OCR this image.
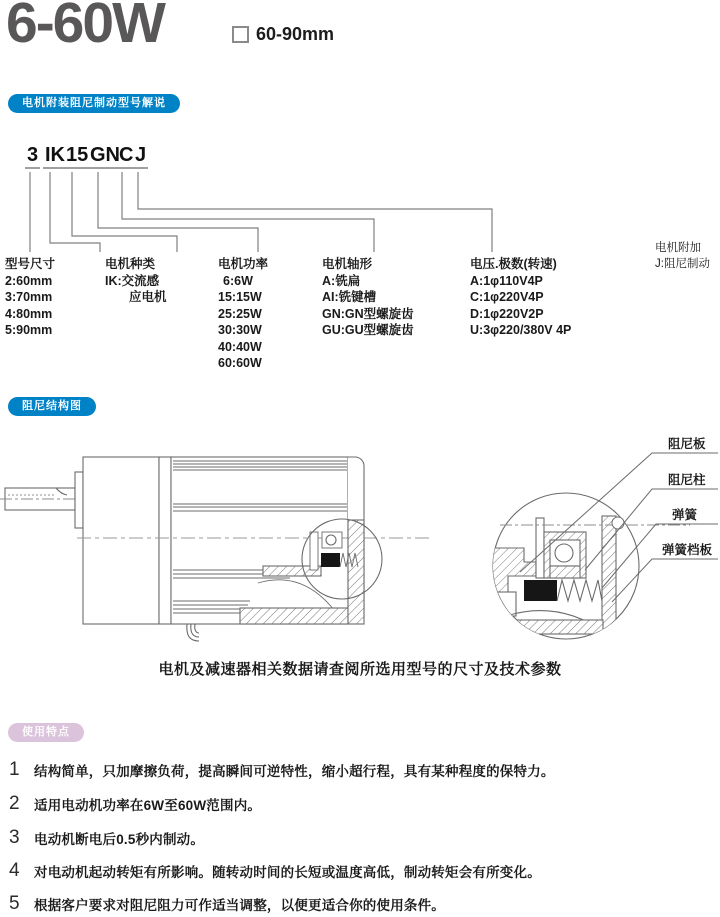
6-60W	60-90mm
电机附装阻尼制动型号解说
3 IK 15 GN C J
型号尺寸
2:60mm
3:70mm
4:80mm
5:90mm
电机种类
IK:交流感
应电机
电机功率
6:6W
15:15W
25:25W
30:30W
40:40W
60:60W
电机轴形
A:铣扁
AI:铣键槽
GN:GN型螺旋齿
GU:GU型螺旋齿
电压.极数(转速)
A:1φ110V4P
C:1φ220V4P
D:1φ220V2P
U:3φ220/380V 4P
电机附加
J:阻尼制动
阻尼结构图
阻尼板
阻尼柱
弹簧
弹簧档板
电机及减速器相关数据请查阅所选用型号的尺寸及技术参数
使用特点
1 结构简单，只加摩擦负荷，提高瞬间可逆特性，缩小超行程，具有某种程度的保特力。
2 适用电动机功率在6W至60W范围内。
3 电动机断电后0.5秒内制动。
4 对电动机起动转矩有所影响。随转动时间的长短或温度高低，制动转矩会有所变化。
5 根据客户要求对阻尼阻力可作适当调整，以便更适合你的使用条件。
